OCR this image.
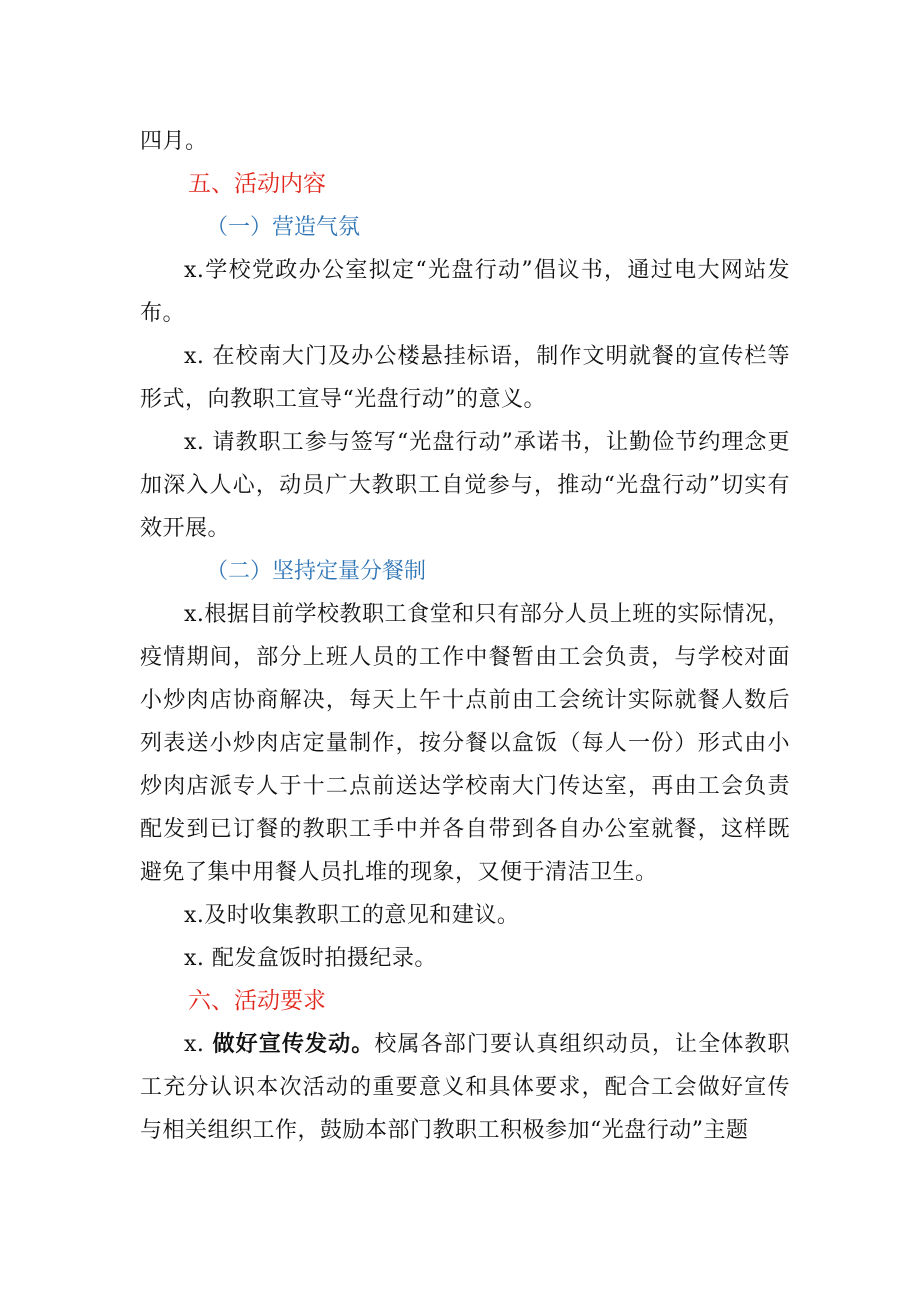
四月。

五、活动内容

（一）营造气氛

x.学校党政办公室拟定“光盘行动”倡议书，通过电大网站发布。

x. 在校南大门及办公楼悬挂标语，制作文明就餐的宣传栏等形式，向教职工宣导“光盘行动”的意义。

x. 请教职工参与签写“光盘行动”承诺书，让勤俭节约理念更加深入人心，动员广大教职工自觉参与，推动“光盘行动”切实有效开展。

（二）坚持定量分餐制

x.根据目前学校教职工食堂和只有部分人员上班的实际情况，疫情期间，部分上班人员的工作中餐暂由工会负责，与学校对面小炒肉店协商解决，每天上午十点前由工会统计实际就餐人数后列表送小炒肉店定量制作，按分餐以盒饭（每人一份）形式由小炒肉店派专人于十二点前送达学校南大门传达室，再由工会负责配发到已订餐的教职工手中并各自带到各自办公室就餐，这样既避免了集中用餐人员扎堆的现象，又便于清洁卫生。

x.及时收集教职工的意见和建议。

x. 配发盒饭时拍摄纪录。

六、活动要求

x. 做好宣传发动。校属各部门要认真组织动员，让全体教职工充分认识本次活动的重要意义和具体要求，配合工会做好宣传与相关组织工作，鼓励本部门教职工积极参加“光盘行动”主题
